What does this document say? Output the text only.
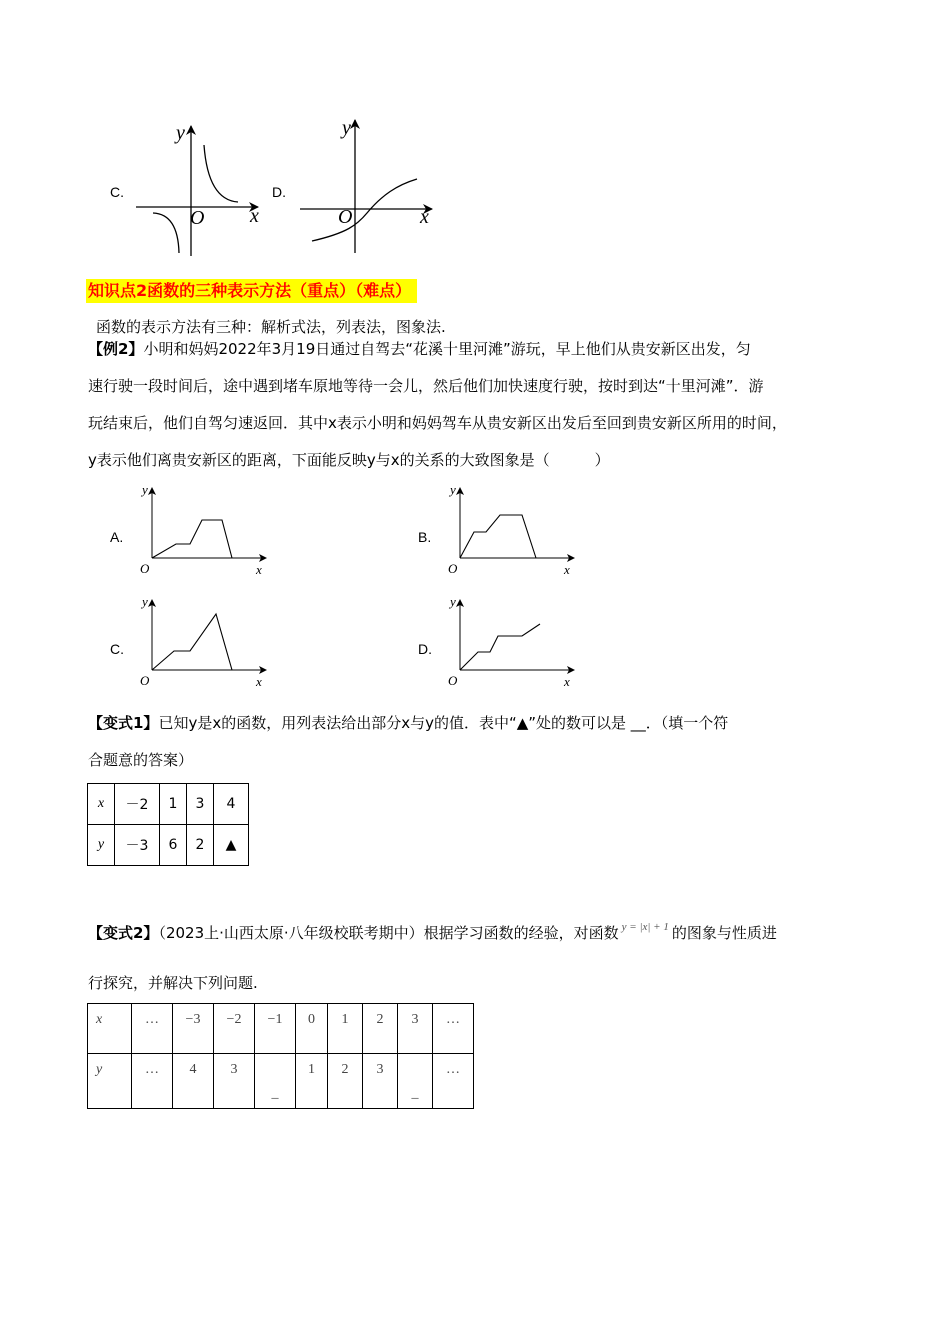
C.
y
x
O
D.
y
x
O
知识点2函数的三种表示方法（重点）（难点）
函数的表示方法有三种：解析式法，列表法，图象法.
【例2】小明和妈妈2022年3月19日通过自驾去“花溪十里河滩”游玩，早上他们从贵安新区出发，匀
速行驶一段时间后，途中遇到堵车原地等待一会儿，然后他们加快速度行驶，按时到达“十里河滩”．游
玩结束后，他们自驾匀速返回．其中x表示小明和妈妈驾车从贵安新区出发后至回到贵安新区所用的时间，
y表示他们离贵安新区的距离，下面能反映y与x的关系的大致图象是（　　　）
A.
y
x
O
B.
y
x
O
C.
y
x
O
D.
y
x
O
【变式1】已知y是x的函数，用列表法给出部分x与y的值．表中“▲”处的数可以是 __．（填一个符
合题意的答案）
x	－2	1	3	4
y	－3	6	2	▲
【变式2】（2023上·山西太原·八年级校联考期中）根据学习函数的经验，对函数 $^{y = |x| + 1}$ 的图象与性质进
行探究，并解决下列问题.
x	…	−3	−2	−1	0	1	2	3	…
y	…	4	3	_	1	2	3	_	…
